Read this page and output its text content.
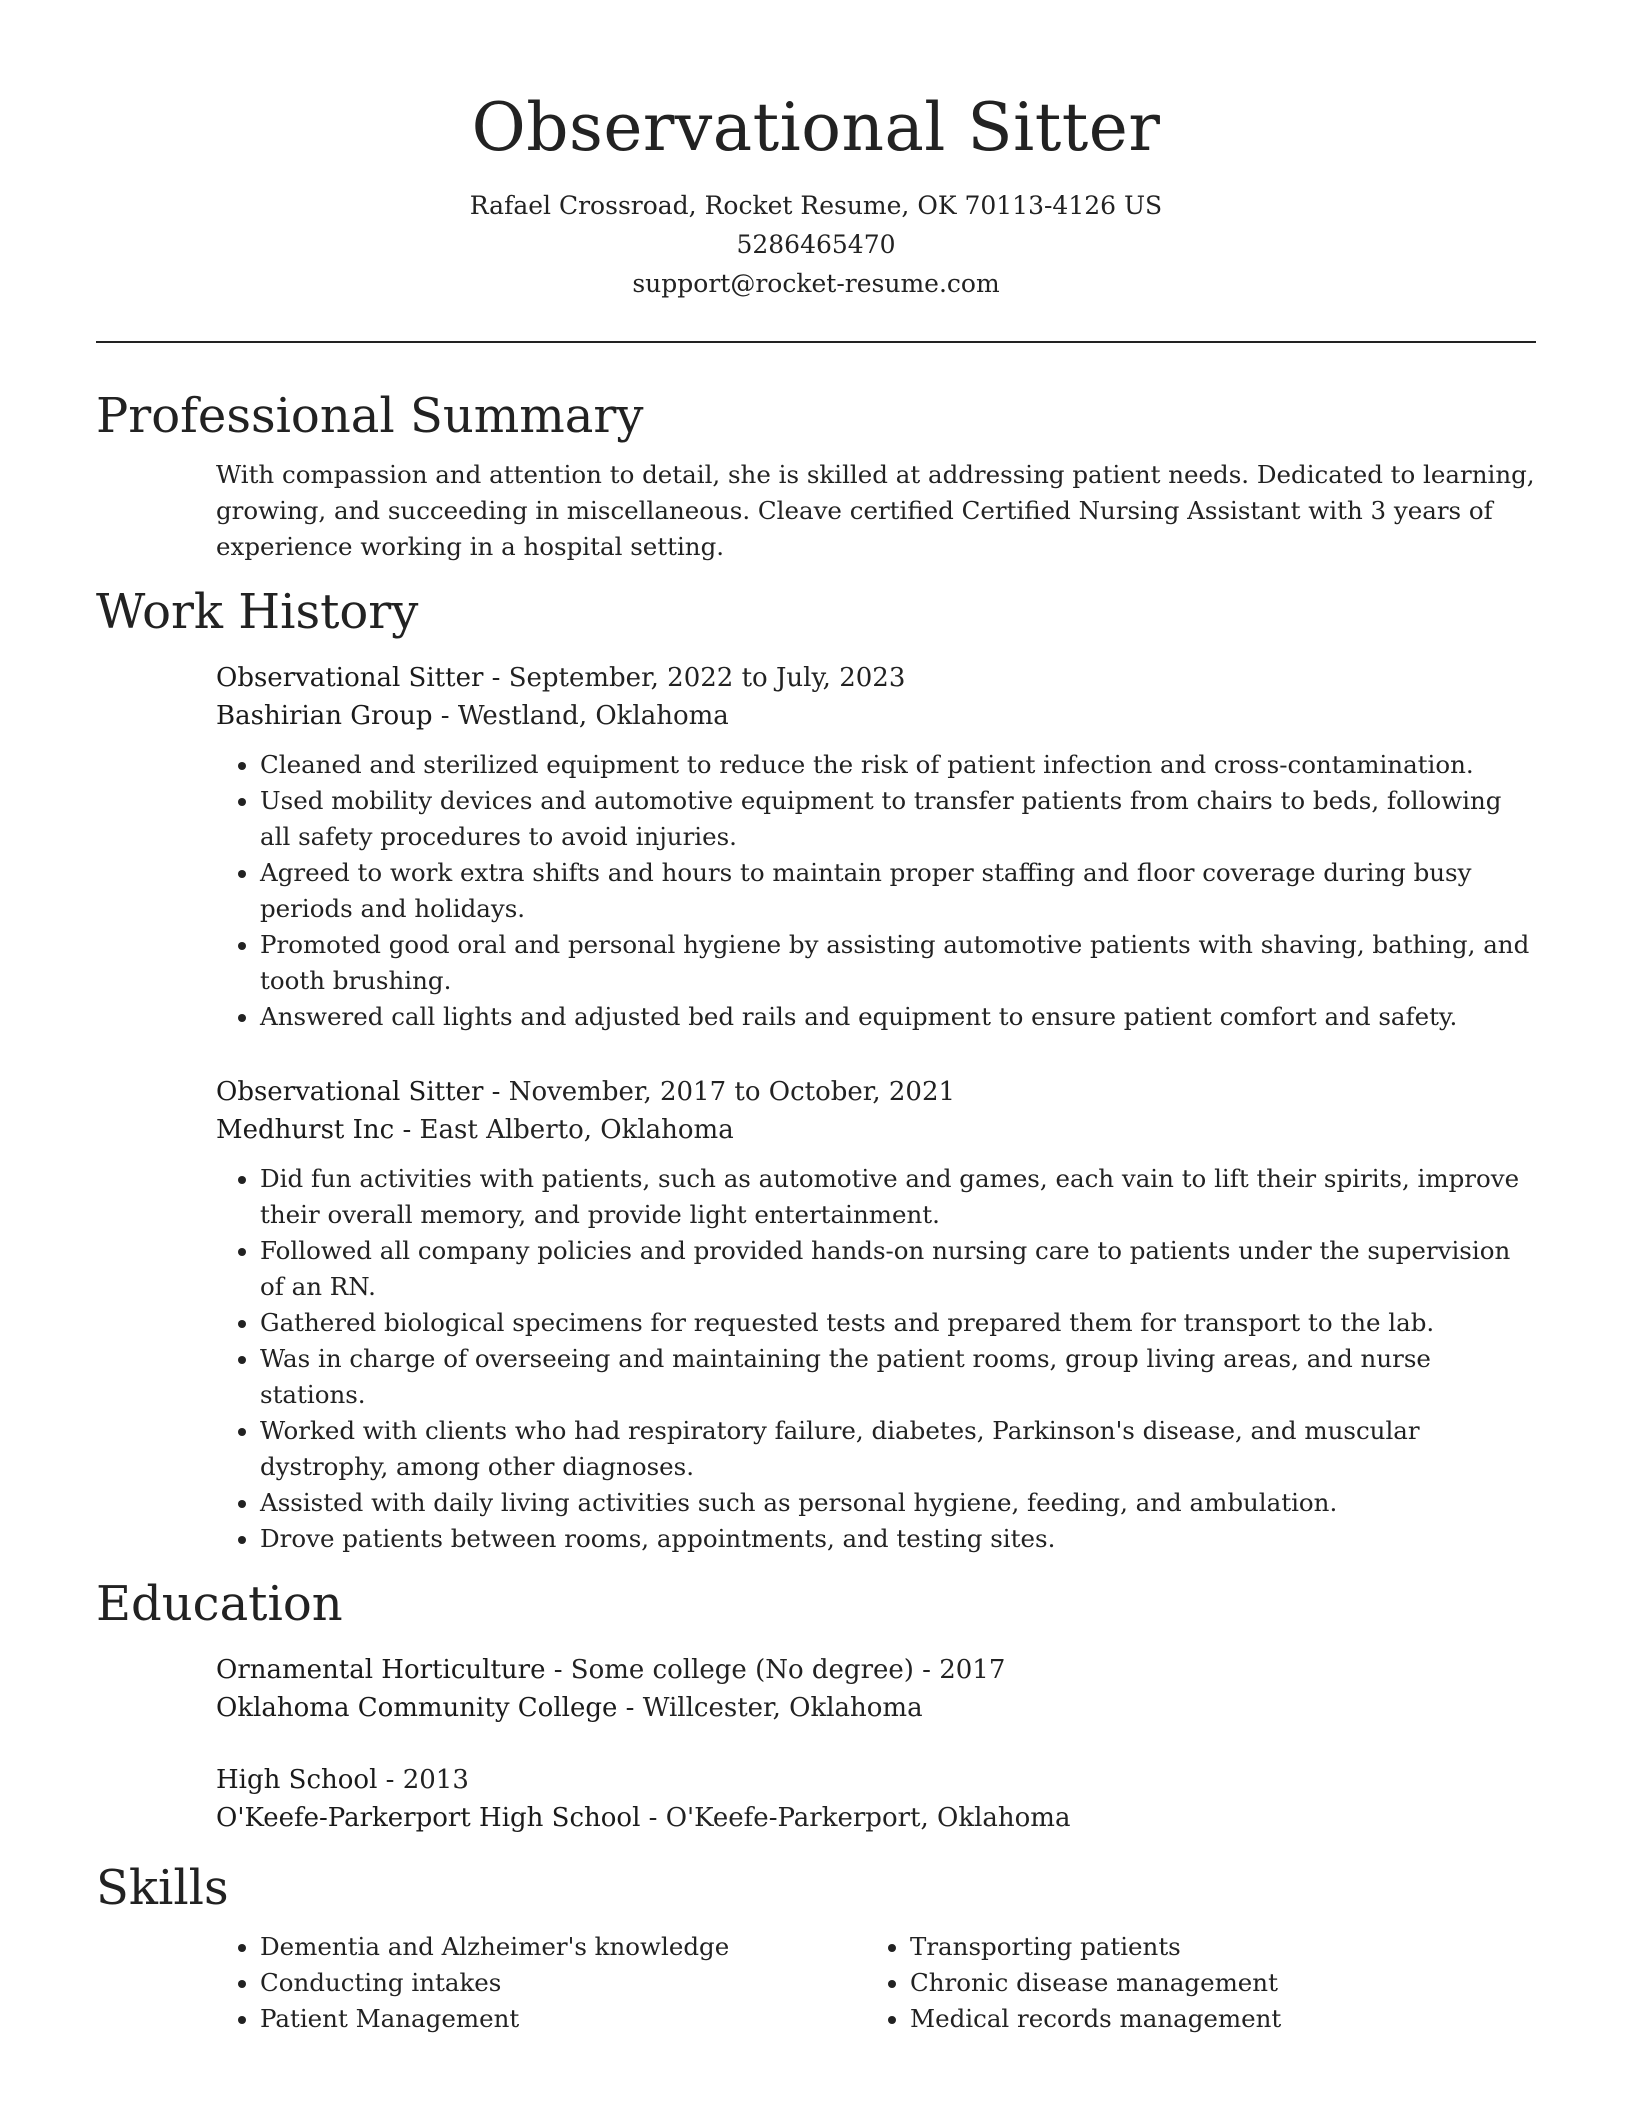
Observational Sitter

Rafael Crossroad, Rocket Resume, OK 70113-4126 US

5286465470

support@rocket-resume.com

Professional Summary

With compassion and attention to detail, she is skilled at addressing patient needs. Dedicated to learning, growing, and succeeding in miscellaneous. Cleave certified Certified Nursing Assistant with 3 years of experience working in a hospital setting.

Work History

Observational Sitter - September, 2022 to July, 2023

Bashirian Group - Westland, Oklahoma

• Cleaned and sterilized equipment to reduce the risk of patient infection and cross-contamination.
• Used mobility devices and automotive equipment to transfer patients from chairs to beds, following all safety procedures to avoid injuries.
• Agreed to work extra shifts and hours to maintain proper staffing and floor coverage during busy periods and holidays.
• Promoted good oral and personal hygiene by assisting automotive patients with shaving, bathing, and tooth brushing.
• Answered call lights and adjusted bed rails and equipment to ensure patient comfort and safety.

Observational Sitter - November, 2017 to October, 2021

Medhurst Inc - East Alberto, Oklahoma

• Did fun activities with patients, such as automotive and games, each vain to lift their spirits, improve their overall memory, and provide light entertainment.
• Followed all company policies and provided hands-on nursing care to patients under the supervision of an RN.
• Gathered biological specimens for requested tests and prepared them for transport to the lab.
• Was in charge of overseeing and maintaining the patient rooms, group living areas, and nurse stations.
• Worked with clients who had respiratory failure, diabetes, Parkinson's disease, and muscular dystrophy, among other diagnoses.
• Assisted with daily living activities such as personal hygiene, feeding, and ambulation.
• Drove patients between rooms, appointments, and testing sites.
Education

Ornamental Horticulture - Some college (No degree) - 2017

Oklahoma Community College - Willcester, Oklahoma

High School - 2013

O'Keefe-Parkerport High School - O'Keefe-Parkerport, Oklahoma

Skills
• Dementia and Alzheimer's knowledge
• Conducting intakes
• Patient Management
• Transporting patients
• Chronic disease management
• Medical records management
